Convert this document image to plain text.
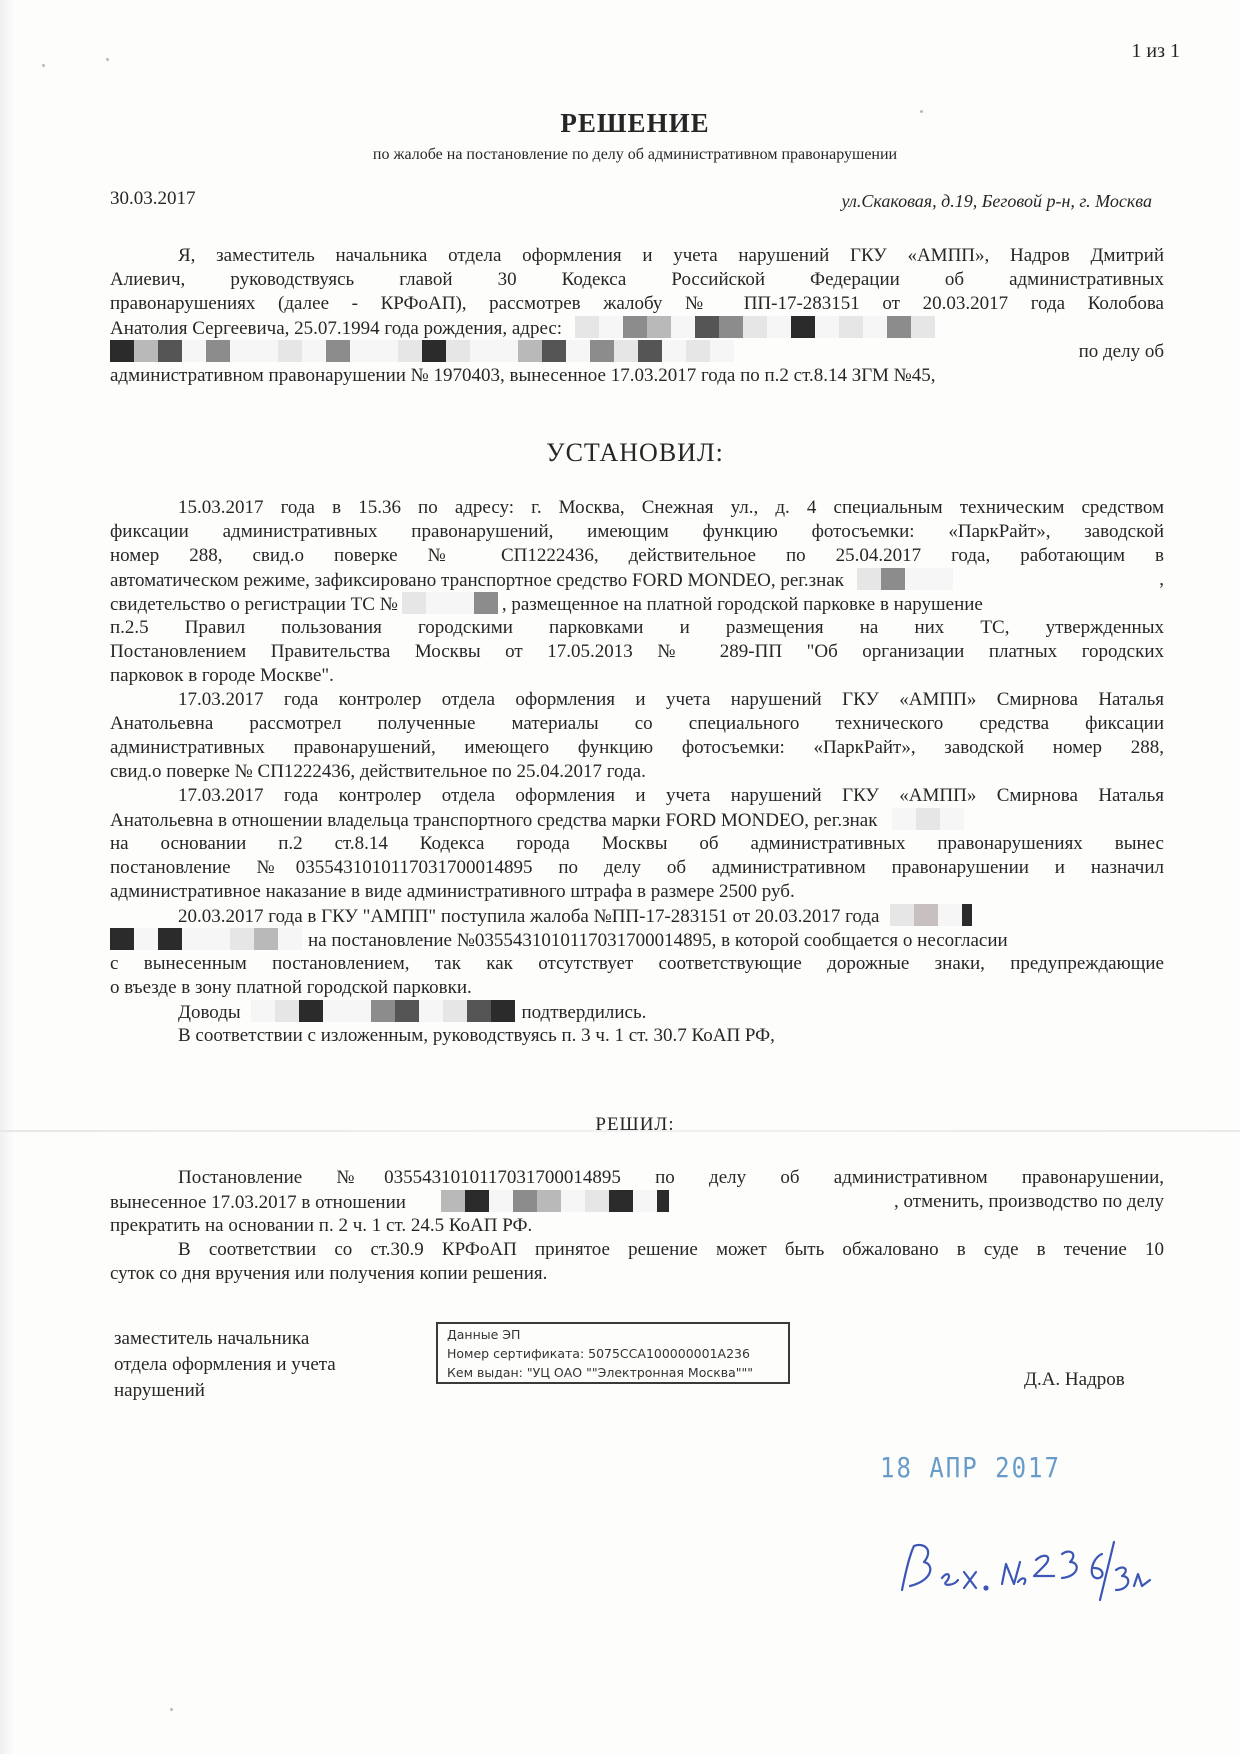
1 из 1
РЕШЕНИЕ
по жалобе на постановление по делу об административном правонарушении
30.03.2017	ул.Скаковая, д.19, Беговой р-н, г. Москва
Я, заместитель начальника отдела оформления и учета нарушений ГКУ «АМПП», Надров Дмитрий
Алиевич, руководствуясь главой 30 Кодекса Российской Федерации об административных
правонарушениях (далее - КРФоАП), рассмотрев жалобу № ПП-17-283151 от 20.03.2017 года Колобова
Анатолия Сергеевича, 25.07.1994 года рождения, адрес:
по делу об
административном правонарушении № 1970403, вынесенное 17.03.2017 года по п.2 ст.8.14 ЗГМ №45,
УСТАНОВИЛ:
15.03.2017 года в 15.36 по адресу: г. Москва, Снежная ул., д. 4 специальным техническим средством
фиксации административных правонарушений, имеющим функцию фотосъемки: «ПаркРайт», заводской
номер 288, свид.о поверке № СП1222436, действительное по 25.04.2017 года, работающим в
автоматическом режиме, зафиксировано транспортное средство FORD MONDEO, рег.знак	,
свидетельство о регистрации ТС №	, размещенное на платной городской парковке в нарушение
п.2.5 Правил пользования городскими парковками и размещения на них ТС, утвержденных
Постановлением Правительства Москвы от 17.05.2013 № 289-ПП "Об организации платных городских
парковок в городе Москве".
17.03.2017 года контролер отдела оформления и учета нарушений ГКУ «АМПП» Смирнова Наталья
Анатольевна рассмотрел полученные материалы со специального технического средства фиксации
административных правонарушений, имеющего функцию фотосъемки: «ПаркРайт», заводской номер 288,
свид.о поверке № СП1222436, действительное по 25.04.2017 года.
17.03.2017 года контролер отдела оформления и учета нарушений ГКУ «АМПП» Смирнова Наталья
Анатольевна в отношении владельца транспортного средства марки FORD MONDEO, рег.знак
на основании п.2 ст.8.14 Кодекса города Москвы об административных правонарушениях вынес
постановление №0355431010117031700014895 по делу об административном правонарушении и назначил
административное наказание в виде административного штрафа в размере 2500 руб.
20.03.2017 года в ГКУ "АМПП" поступила жалоба №ПП-17-283151 от 20.03.2017 года
на постановление №0355431010117031700014895, в которой сообщается о несогласии
с вынесенным постановлением, так как отсутствует соответствующие дорожные знаки, предупреждающие
о въезде в зону платной городской парковки.
Доводы	подтвердились.
В соответствии с изложенным, руководствуясь п. 3 ч. 1 ст. 30.7 КоАП РФ,
РЕШИЛ:
Постановление №0355431010117031700014895 по делу об административном правонарушении,
вынесенное 17.03.2017 в отношении	, отменить, производство по делу
прекратить на основании п. 2 ч. 1 ст. 24.5 КоАП РФ.
В соответствии со ст.30.9 КРФоАП принятое решение может быть обжаловано в суде в течение 10
суток со дня вручения или получения копии решения.
заместитель начальника
отдела оформления и учета
нарушений
Данные ЭП
Номер сертификата: 5075CCA100000001A236
Кем выдан: "УЦ ОАО ""Электронная Москва"""	Д.А. Надров
18 АПР 2017
